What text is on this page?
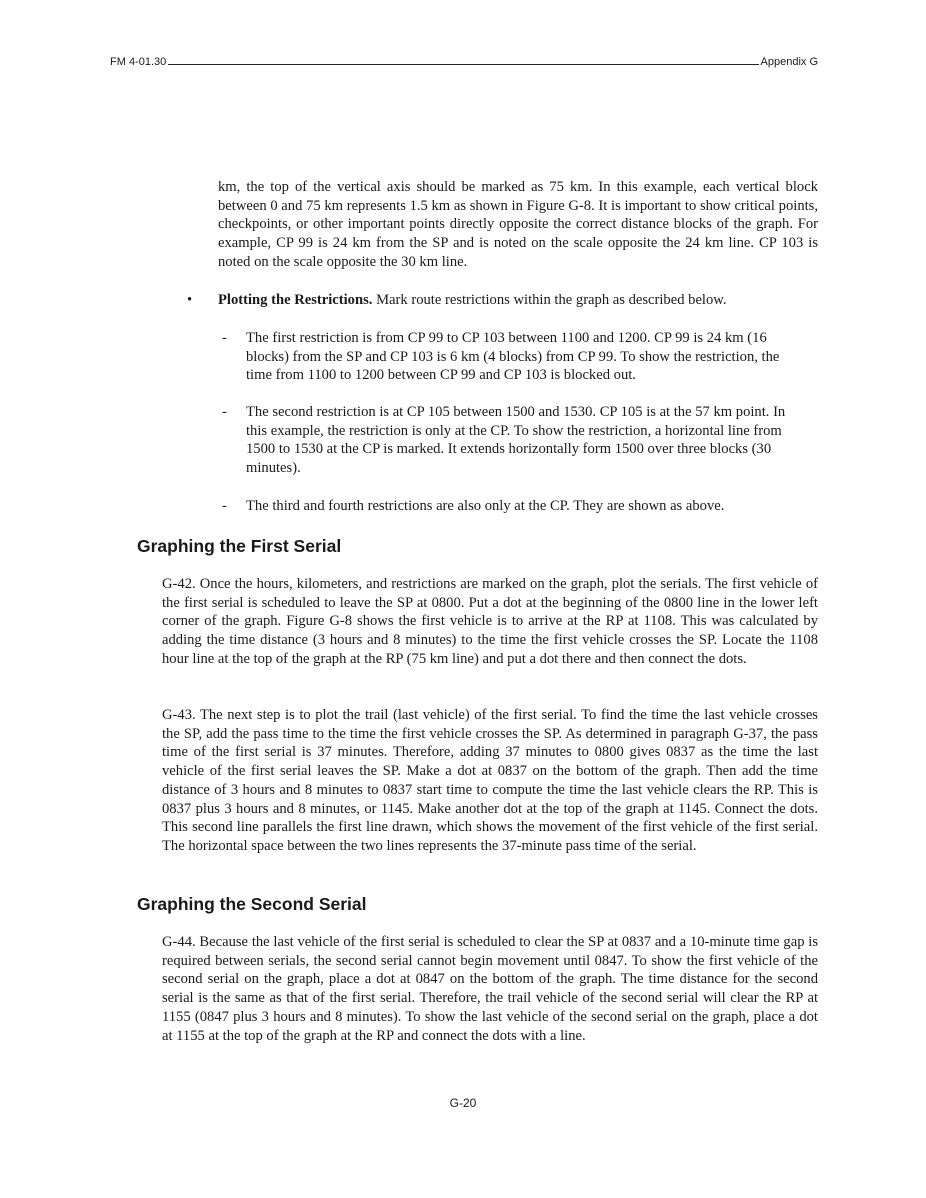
FM 4-01.30	Appendix G

km, the top of the vertical axis should be marked as 75 km. In this example, each vertical block between 0 and 75 km represents 1.5 km as shown in Figure G-8. It is important to show critical points, checkpoints, or other important points directly opposite the correct distance blocks of the graph. For example, CP 99 is 24 km from the SP and is noted on the scale opposite the 24 km line. CP 103 is noted on the scale opposite the 30 km line.

• Plotting the Restrictions. Mark route restrictions within the graph as described below.
- The first restriction is from CP 99 to CP 103 between 1100 and 1200. CP 99 is 24 km (16 blocks) from the SP and CP 103 is 6 km (4 blocks) from CP 99. To show the restriction, the time from 1100 to 1200 between CP 99 and CP 103 is blocked out.
- The second restriction is at CP 105 between 1500 and 1530. CP 105 is at the 57 km point. In this example, the restriction is only at the CP. To show the restriction, a horizontal line from 1500 to 1530 at the CP is marked. It extends horizontally form 1500 over three blocks (30 minutes).
- The third and fourth restrictions are also only at the CP. They are shown as above.
Graphing the First Serial

G-42. Once the hours, kilometers, and restrictions are marked on the graph, plot the serials. The first vehicle of the first serial is scheduled to leave the SP at 0800. Put a dot at the beginning of the 0800 line in the lower left corner of the graph. Figure G-8 shows the first vehicle is to arrive at the RP at 1108. This was calculated by adding the time distance (3 hours and 8 minutes) to the time the first vehicle crosses the SP. Locate the 1108 hour line at the top of the graph at the RP (75 km line) and put a dot there and then connect the dots.

G-43. The next step is to plot the trail (last vehicle) of the first serial. To find the time the last vehicle crosses the SP, add the pass time to the time the first vehicle crosses the SP. As determined in paragraph G-37, the pass time of the first serial is 37 minutes. Therefore, adding 37 minutes to 0800 gives 0837 as the time the last vehicle of the first serial leaves the SP. Make a dot at 0837 on the bottom of the graph. Then add the time distance of 3 hours and 8 minutes to 0837 start time to compute the time the last vehicle clears the RP. This is 0837 plus 3 hours and 8 minutes, or 1145. Make another dot at the top of the graph at 1145. Connect the dots. This second line parallels the first line drawn, which shows the movement of the first vehicle of the first serial. The horizontal space between the two lines represents the 37-minute pass time of the serial.

Graphing the Second Serial

G-44. Because the last vehicle of the first serial is scheduled to clear the SP at 0837 and a 10-minute time gap is required between serials, the second serial cannot begin movement until 0847. To show the first vehicle of the second serial on the graph, place a dot at 0847 on the bottom of the graph. The time distance for the second serial is the same as that of the first serial. Therefore, the trail vehicle of the second serial will clear the RP at 1155 (0847 plus 3 hours and 8 minutes). To show the last vehicle of the second serial on the graph, place a dot at 1155 at the top of the graph at the RP and connect the dots with a line.

G-20
